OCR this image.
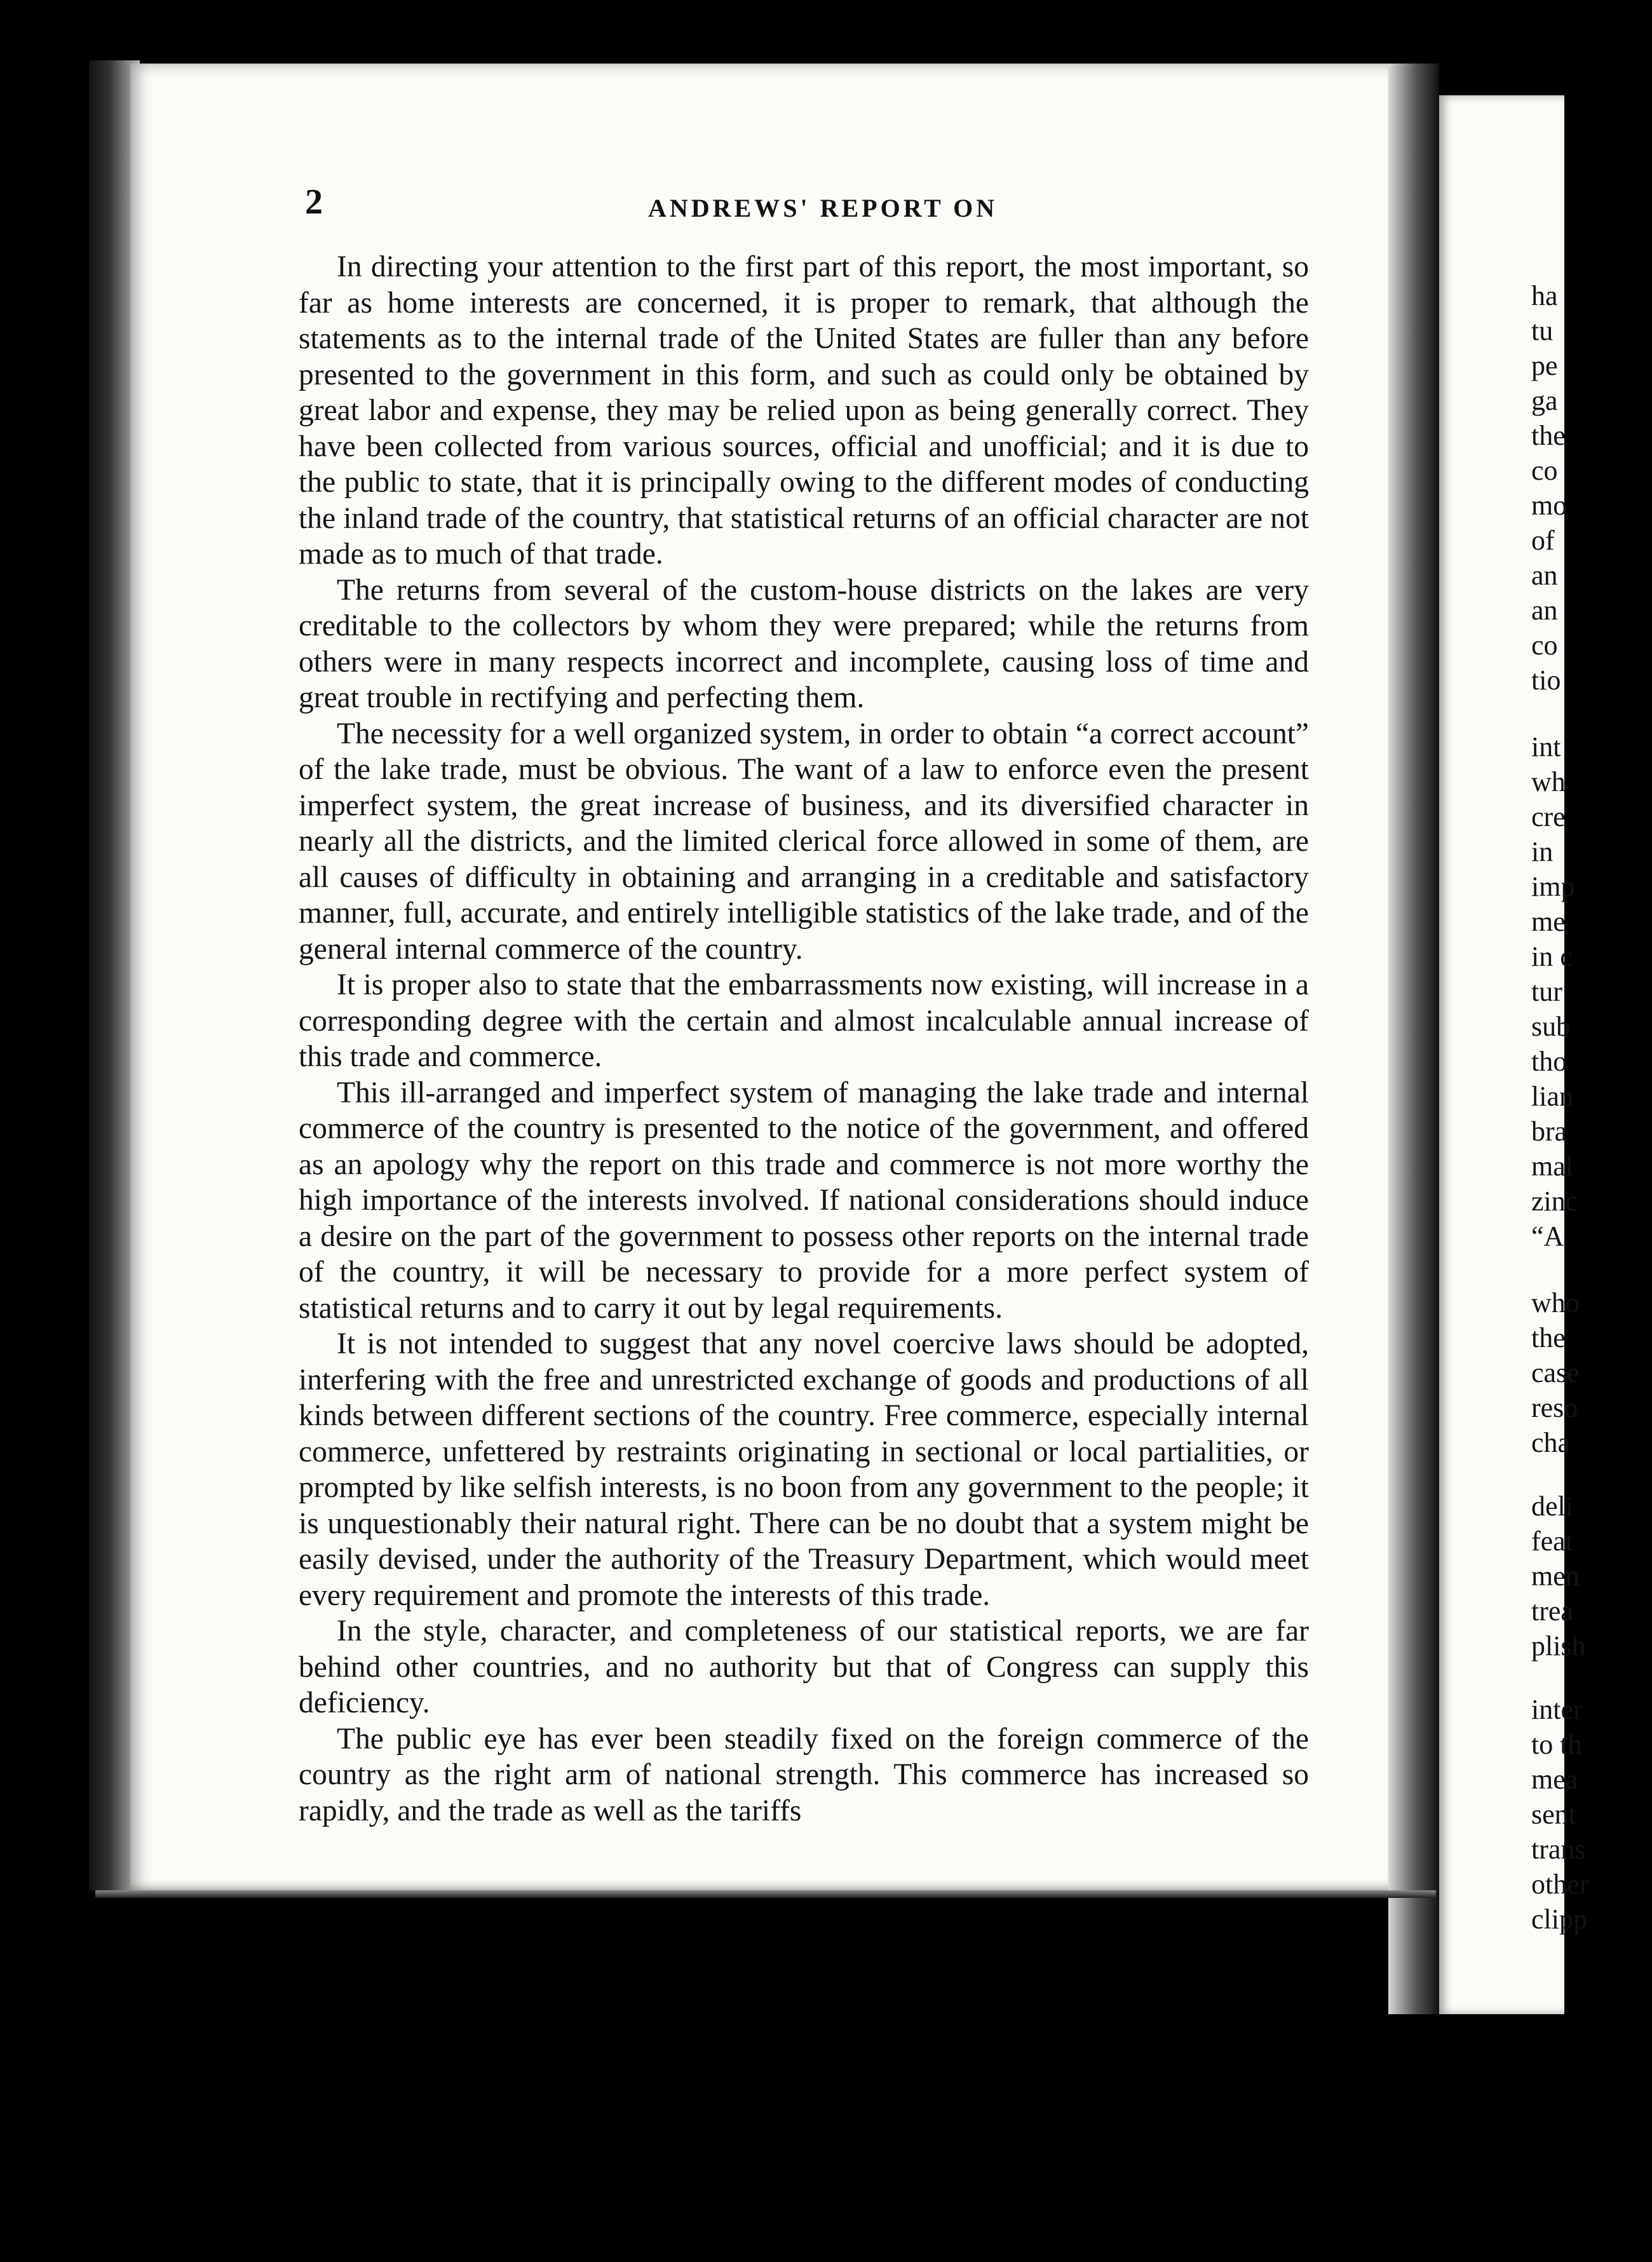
2	ANDREWS' REPORT ON

In directing your attention to the first part of this report, the most important, so far as home interests are concerned, it is proper to remark, that although the statements as to the internal trade of the United States are fuller than any before presented to the government in this form, and such as could only be obtained by great labor and expense, they may be relied upon as being generally correct. They have been collected from various sources, official and unofficial; and it is due to the public to state, that it is principally owing to the different modes of conducting the inland trade of the country, that statistical returns of an official character are not made as to much of that trade.

The returns from several of the custom-house districts on the lakes are very creditable to the collectors by whom they were prepared; while the returns from others were in many respects incorrect and incomplete, causing loss of time and great trouble in rectifying and perfecting them.

The necessity for a well organized system, in order to obtain “a correct account” of the lake trade, must be obvious. The want of a law to enforce even the present imperfect system, the great increase of business, and its diversified character in nearly all the districts, and the limited clerical force allowed in some of them, are all causes of difficulty in obtaining and arranging in a creditable and satisfactory manner, full, accurate, and entirely intelligible statistics of the lake trade, and of the general internal commerce of the country.

It is proper also to state that the embarrassments now existing, will increase in a corresponding degree with the certain and almost incalculable annual increase of this trade and commerce.

This ill-arranged and imperfect system of managing the lake trade and internal commerce of the country is presented to the notice of the government, and offered as an apology why the report on this trade and commerce is not more worthy the high importance of the interests involved. If national considerations should induce a desire on the part of the government to possess other reports on the internal trade of the country, it will be necessary to provide for a more perfect system of statistical returns and to carry it out by legal requirements.

It is not intended to suggest that any novel coercive laws should be adopted, interfering with the free and unrestricted exchange of goods and productions of all kinds between different sections of the country. Free commerce, especially internal commerce, unfettered by restraints originating in sectional or local partialities, or prompted by like selfish interests, is no boon from any government to the people; it is unquestionably their natural right. There can be no doubt that a system might be easily devised, under the authority of the Treasury Department, which would meet every requirement and promote the interests of this trade.

In the style, character, and completeness of our statistical reports, we are far behind other countries, and no authority but that of Congress can supply this deficiency.

The public eye has ever been steadily fixed on the foreign commerce of the country as the right arm of national strength. This commerce has increased so rapidly, and the trade as well as the tariffs

ha
tu
pe
ga
the
co
mo
of
an
an
co
tio
int
wh
cre
in
imp
me
in c
tur
sub
tho
lian
bra
mal
zinc
“A
who
the
case
reso
cha
deli
feat
men
trea
plish
inter
to th
mea
sent
trans
other
clipp
